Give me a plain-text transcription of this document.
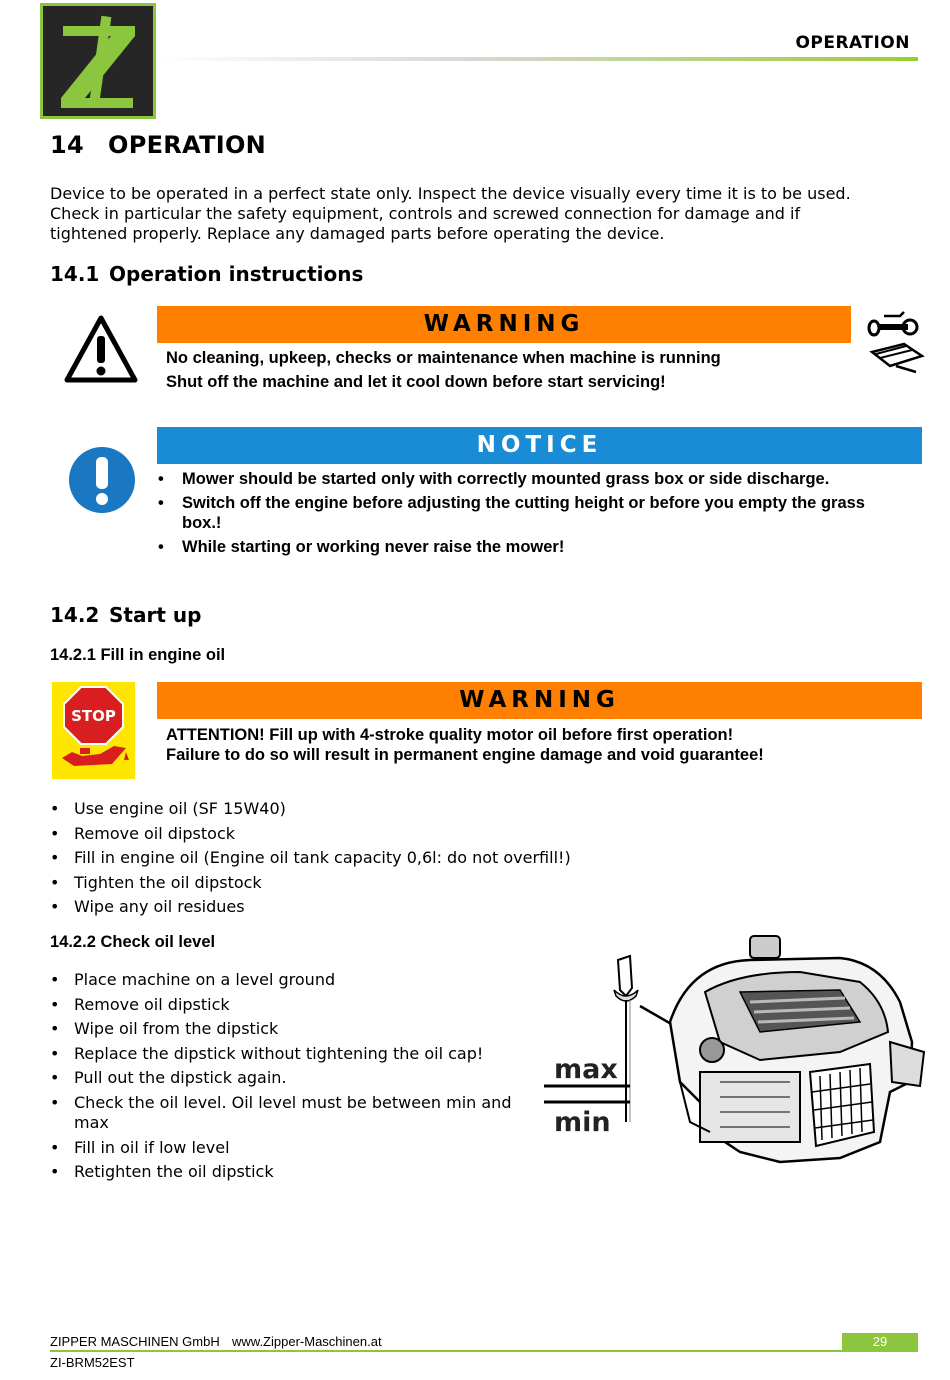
OPERATION
14 OPERATION
Device to be operated in a perfect state only. Inspect the device visually every time it is to be used.
Check in particular the safety equipment, controls and screwed connection for damage and if
tightened properly. Replace any damaged parts before operating the device.
14.1 Operation instructions
WARNING
No cleaning, upkeep, checks or maintenance when machine is running
Shut off the machine and let it cool down before start servicing!
NOTICE
• Mower should be started only with correctly mounted grass box or side discharge.
• Switch off the engine before adjusting the cutting height or before you empty the grass box.!
• While starting or working never raise the mower!
14.2 Start up
14.2.1 Fill in engine oil
STOP
WARNING
ATTENTION! Fill up with 4-stroke quality motor oil before first operation!
Failure to do so will result in permanent engine damage and void guarantee!
• Use engine oil (SF 15W40)
• Remove oil dipstock
• Fill in engine oil (Engine oil tank capacity 0,6l: do not overfill!)
• Tighten the oil dipstock
• Wipe any oil residues
14.2.2 Check oil level
• Place machine on a level ground
• Remove oil dipstick
• Wipe oil from the dipstick
• Replace the dipstick without tightening the oil cap!
• Pull out the dipstick again.
• Check the oil level. Oil level must be between min and max
• Fill in oil if low level
• Retighten the oil dipstick
max
min
ZIPPER MASCHINEN GmbH www.Zipper-Maschinen.at	29
ZI-BRM52EST
